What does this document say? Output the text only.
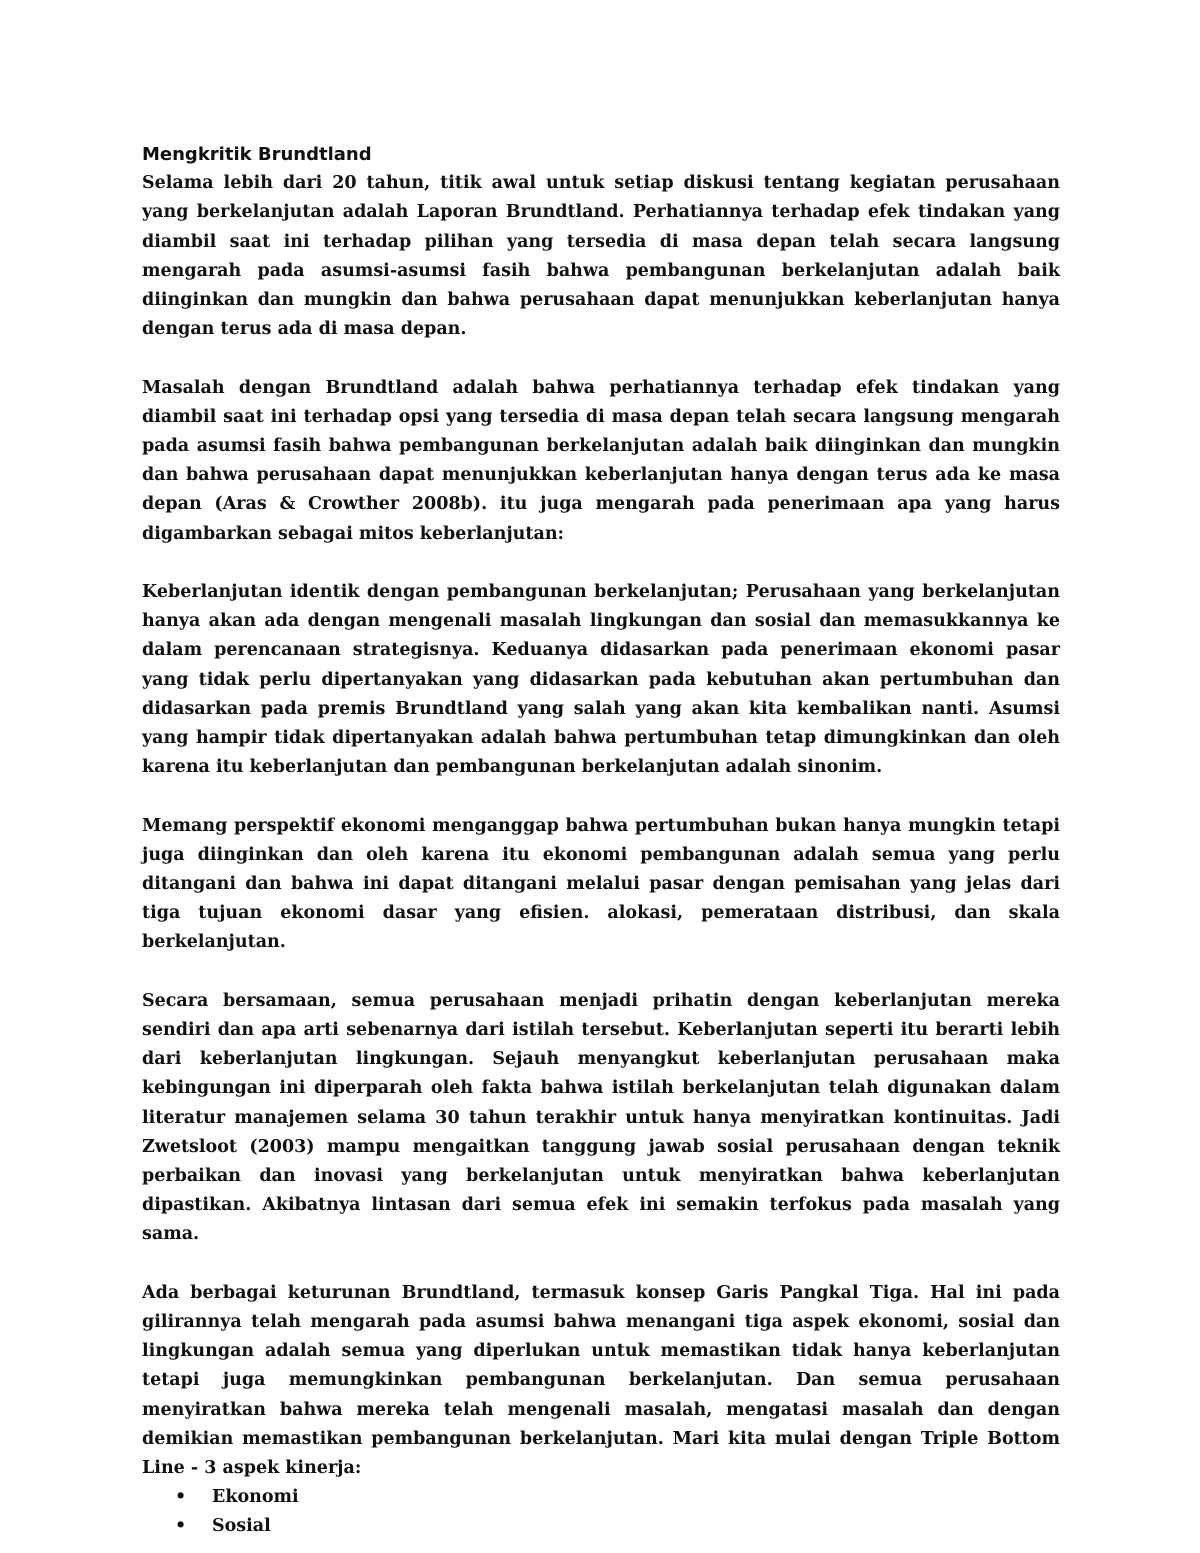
Mengkritik Brundtland

Selama lebih dari 20 tahun, titik awal untuk setiap diskusi tentang kegiatan perusahaan yang berkelanjutan adalah Laporan Brundtland. Perhatiannya terhadap efek tindakan yang diambil saat ini terhadap pilihan yang tersedia di masa depan telah secara langsung mengarah pada asumsi-asumsi fasih bahwa pembangunan berkelanjutan adalah baik diinginkan dan mungkin dan bahwa perusahaan dapat menunjukkan keberlanjutan hanya dengan terus ada di masa depan.

Masalah dengan Brundtland adalah bahwa perhatiannya terhadap efek tindakan yang diambil saat ini terhadap opsi yang tersedia di masa depan telah secara langsung mengarah pada asumsi fasih bahwa pembangunan berkelanjutan adalah baik diinginkan dan mungkin dan bahwa perusahaan dapat menunjukkan keberlanjutan hanya dengan terus ada ke masa depan (Aras & Crowther 2008b). itu juga mengarah pada penerimaan apa yang harus digambarkan sebagai mitos keberlanjutan:

Keberlanjutan identik dengan pembangunan berkelanjutan; Perusahaan yang berkelanjutan hanya akan ada dengan mengenali masalah lingkungan dan sosial dan memasukkannya ke dalam perencanaan strategisnya. Keduanya didasarkan pada penerimaan ekonomi pasar yang tidak perlu dipertanyakan yang didasarkan pada kebutuhan akan pertumbuhan dan didasarkan pada premis Brundtland yang salah yang akan kita kembalikan nanti. Asumsi yang hampir tidak dipertanyakan adalah bahwa pertumbuhan tetap dimungkinkan dan oleh karena itu keberlanjutan dan pembangunan berkelanjutan adalah sinonim.

Memang perspektif ekonomi menganggap bahwa pertumbuhan bukan hanya mungkin tetapi juga diinginkan dan oleh karena itu ekonomi pembangunan adalah semua yang perlu ditangani dan bahwa ini dapat ditangani melalui pasar dengan pemisahan yang jelas dari tiga tujuan ekonomi dasar yang efisien. alokasi, pemerataan distribusi, dan skala berkelanjutan.

Secara bersamaan, semua perusahaan menjadi prihatin dengan keberlanjutan mereka sendiri dan apa arti sebenarnya dari istilah tersebut. Keberlanjutan seperti itu berarti lebih dari keberlanjutan lingkungan. Sejauh menyangkut keberlanjutan perusahaan maka kebingungan ini diperparah oleh fakta bahwa istilah berkelanjutan telah digunakan dalam literatur manajemen selama 30 tahun terakhir untuk hanya menyiratkan kontinuitas. Jadi Zwetsloot (2003) mampu mengaitkan tanggung jawab sosial perusahaan dengan teknik perbaikan dan inovasi yang berkelanjutan untuk menyiratkan bahwa keberlanjutan dipastikan. Akibatnya lintasan dari semua efek ini semakin terfokus pada masalah yang sama.

Ada berbagai keturunan Brundtland, termasuk konsep Garis Pangkal Tiga. Hal ini pada gilirannya telah mengarah pada asumsi bahwa menangani tiga aspek ekonomi, sosial dan lingkungan adalah semua yang diperlukan untuk memastikan tidak hanya keberlanjutan tetapi juga memungkinkan pembangunan berkelanjutan. Dan semua perusahaan menyiratkan bahwa mereka telah mengenali masalah, mengatasi masalah dan dengan demikian memastikan pembangunan berkelanjutan. Mari kita mulai dengan Triple Bottom Line - 3 aspek kinerja:

• Ekonomi
• Sosial
